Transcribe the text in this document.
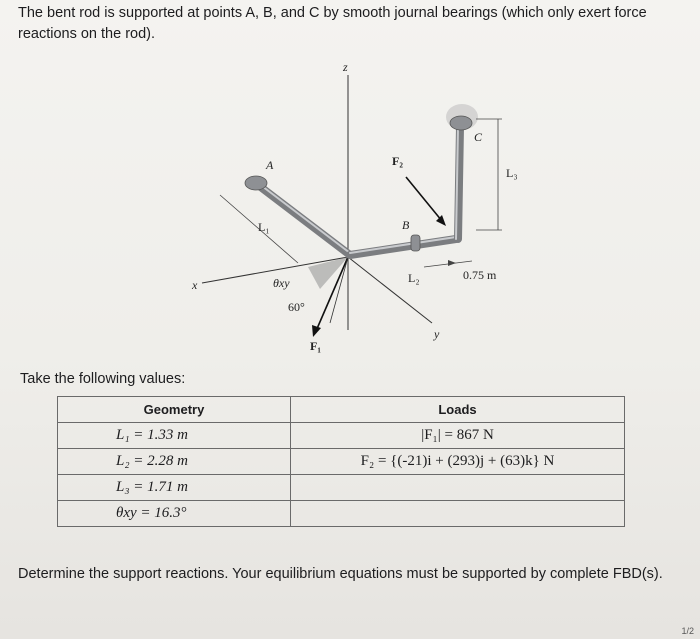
The bent rod is supported at points A, B, and C by smooth journal bearings (which only exert force reactions on the rod).
z
x
y
A
B
C
F₁
F₂
L₁
L₂
L₃
θxy
60°
0.75 m
Take the following values:
Geometry	Loads
L₁ = 1.33 m	|F₁| = 867 N
L₂ = 2.28 m	F₂ = {(-21)i + (293)j + (63)k} N
L₃ = 1.71 m	
θxy = 16.3°	
Determine the support reactions. Your equilibrium equations must be supported by complete FBD(s).
1/2
